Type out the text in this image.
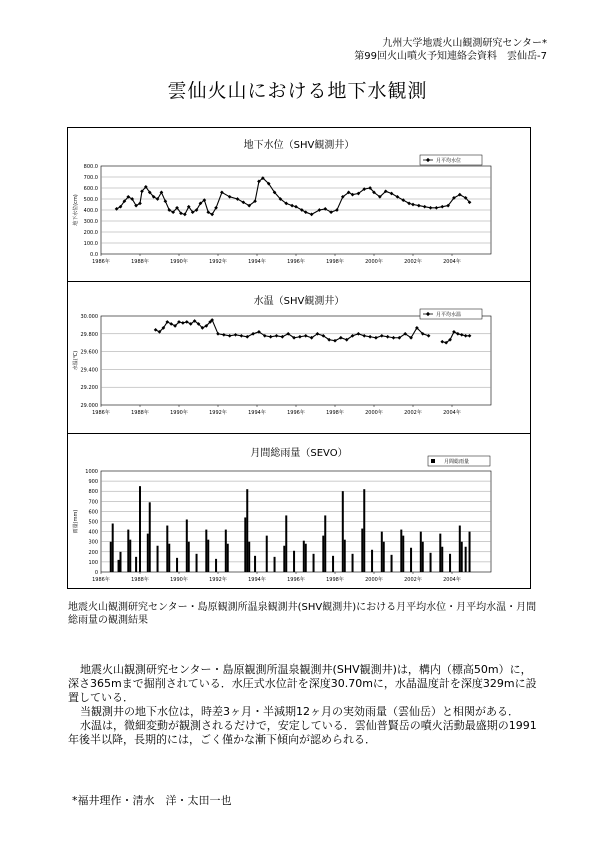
九州大学地震火山観測研究センター*
第99回火山噴火予知連絡会資料　雲仙岳-7
雲仙火山における地下水観測
地下水位（SHV観測井）
0.0
100.0
200.0
300.0
400.0
500.0
600.0
700.0
800.0
1986年	1988年	1990年	1992年	1994年	1996年	1998年	2000年	2002年	2004年
地下水位(cm)
月平均水位
水温（SHV観測井）
29.000
29.200
29.400
29.600
29.800
30.000
1986年	1988年	1990年	1992年	1994年	1996年	1998年	2000年	2002年	2004年
水温(℃)
月平均水温
月間総雨量（SEVO）
0
100
200
300
400
500
600
700
800
900
1000
1986年	1988年	1990年	1992年	1994年	1996年	1998年	2000年	2002年	2004年
雨量(mm)
月間総雨量
地震火山観測研究センター・島原観測所温泉観測井(SHV観測井)における月平均水位・月平均水温・月間総雨量の観測結果

地震火山観測研究センター・島原観測所温泉観測井(SHV観測井)は，構内（標高50m）に，深さ365mまで掘削されている．水圧式水位計を深度30.70mに，水晶温度計を深度329mに設置している．

当観測井の地下水位は，時差3ヶ月・半減期12ヶ月の実効雨量（雲仙岳）と相関がある．

水温は，微細変動が観測されるだけで，安定している．雲仙普賢岳の噴火活動最盛期の1991年後半以降，長期的には，ごく僅かな漸下傾向が認められる．

*福井理作・清水　洋・太田一也
